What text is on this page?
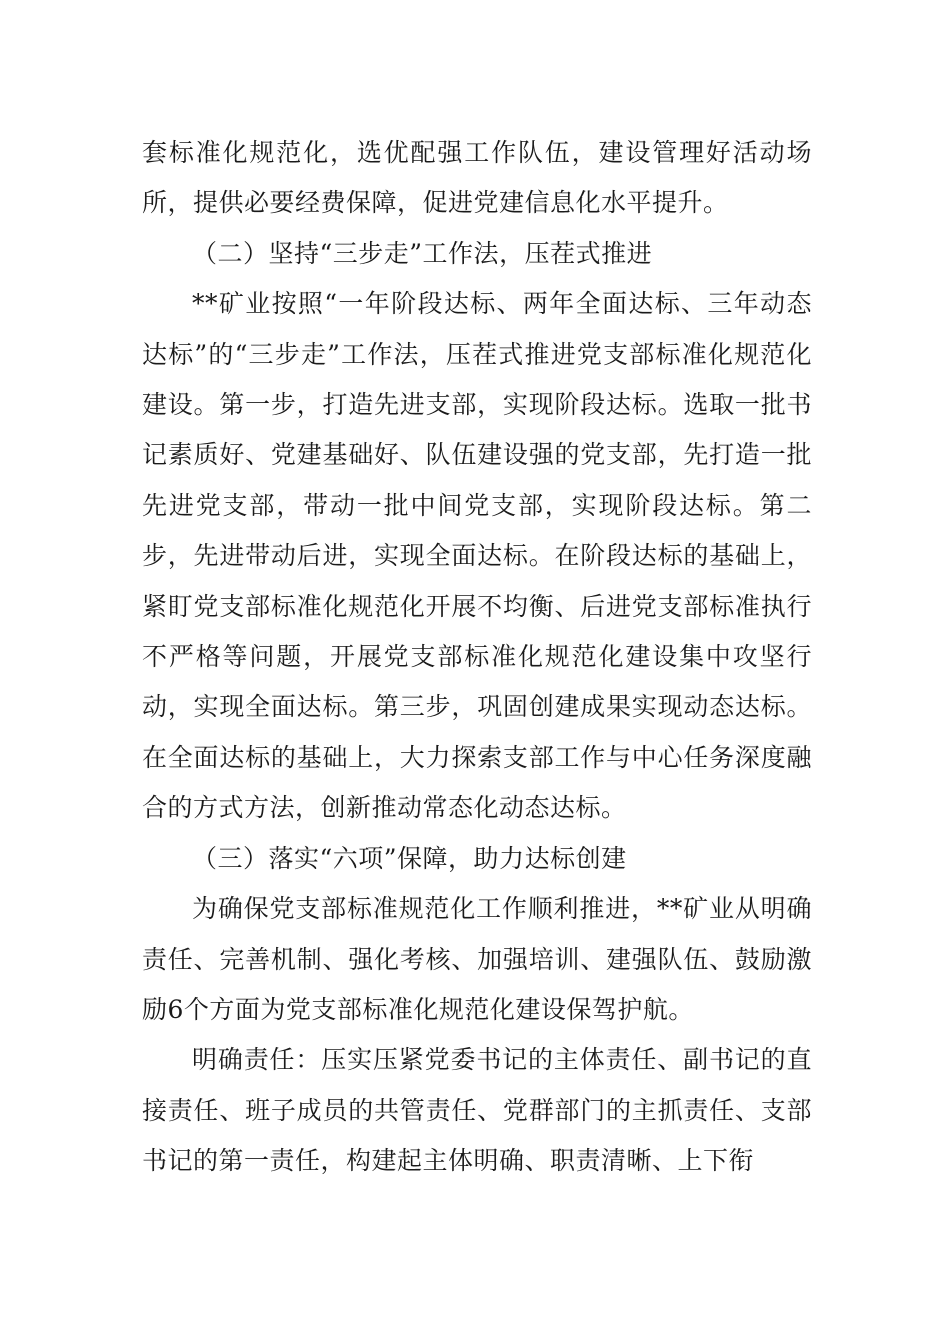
套标准化规范化，选优配强工作队伍，建设管理好活动场所，提供必要经费保障，促进党建信息化水平提升。

（二）坚持“三步走”工作法，压茬式推进

**矿业按照“一年阶段达标、两年全面达标、三年动态达标”的“三步走”工作法，压茬式推进党支部标准化规范化建设。第一步，打造先进支部，实现阶段达标。选取一批书记素质好、党建基础好、队伍建设强的党支部，先打造一批先进党支部，带动一批中间党支部，实现阶段达标。第二步，先进带动后进，实现全面达标。在阶段达标的基础上，紧盯党支部标准化规范化开展不均衡、后进党支部标准执行不严格等问题，开展党支部标准化规范化建设集中攻坚行动，实现全面达标。第三步，巩固创建成果实现动态达标。在全面达标的基础上，大力探索支部工作与中心任务深度融合的方式方法，创新推动常态化动态达标。

（三）落实“六项”保障，助力达标创建

为确保党支部标准规范化工作顺利推进，**矿业从明确责任、完善机制、强化考核、加强培训、建强队伍、鼓励激励6个方面为党支部标准化规范化建设保驾护航。

明确责任：压实压紧党委书记的主体责任、副书记的直接责任、班子成员的共管责任、党群部门的主抓责任、支部书记的第一责任，构建起主体明确、职责清晰、上下衔
